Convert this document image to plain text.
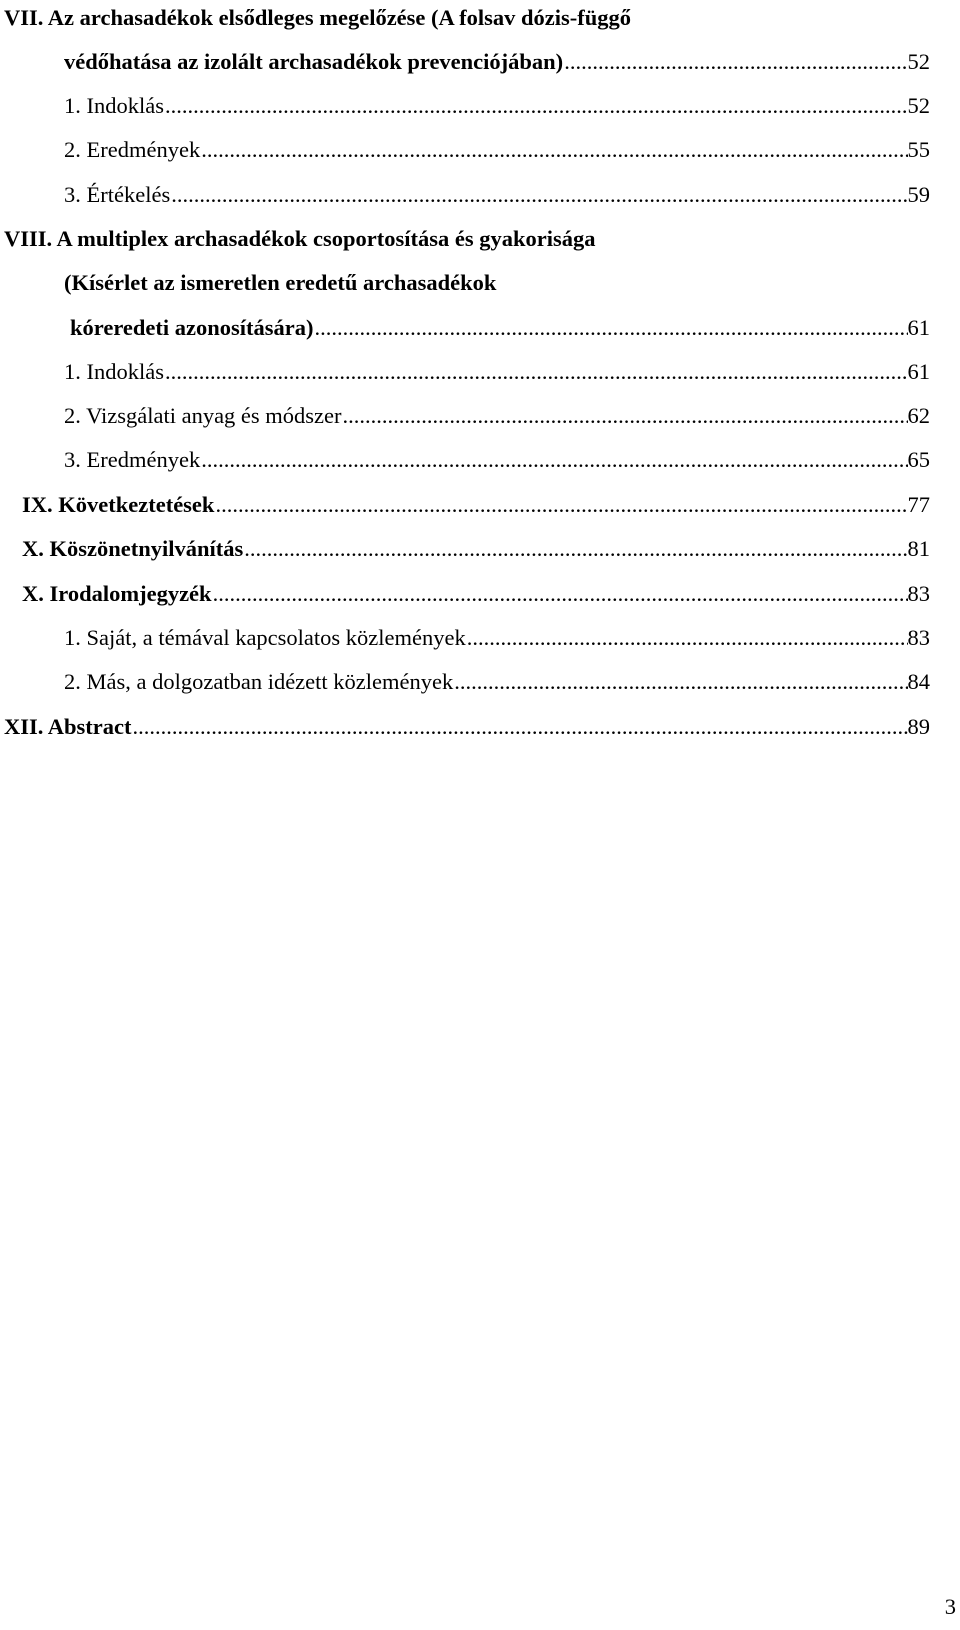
VII. Az archasadékok elsődleges megelőzése (A folsav dózis-függő
védőhatása az izolált archasadékok prevenciójában) .....	52
1. Indoklás .....	52
2. Eredmények .....	55
3. Értékelés .....	59
VIII. A multiplex archasadékok csoportosítása és gyakorisága
(Kísérlet az ismeretlen eredetű archasadékok
kóreredeti azonosítására) .....	61
1. Indoklás .....	61
2. Vizsgálati anyag és módszer .....	62
3. Eredmények .....	65
IX. Következtetések .....	77
X. Köszönetnyilvánítás .....	81
X. Irodalomjegyzék .....	83
1. Saját, a témával kapcsolatos közlemények .....	83
2. Más, a dolgozatban idézett közlemények .....	84
XII. Abstract .....	89
3
